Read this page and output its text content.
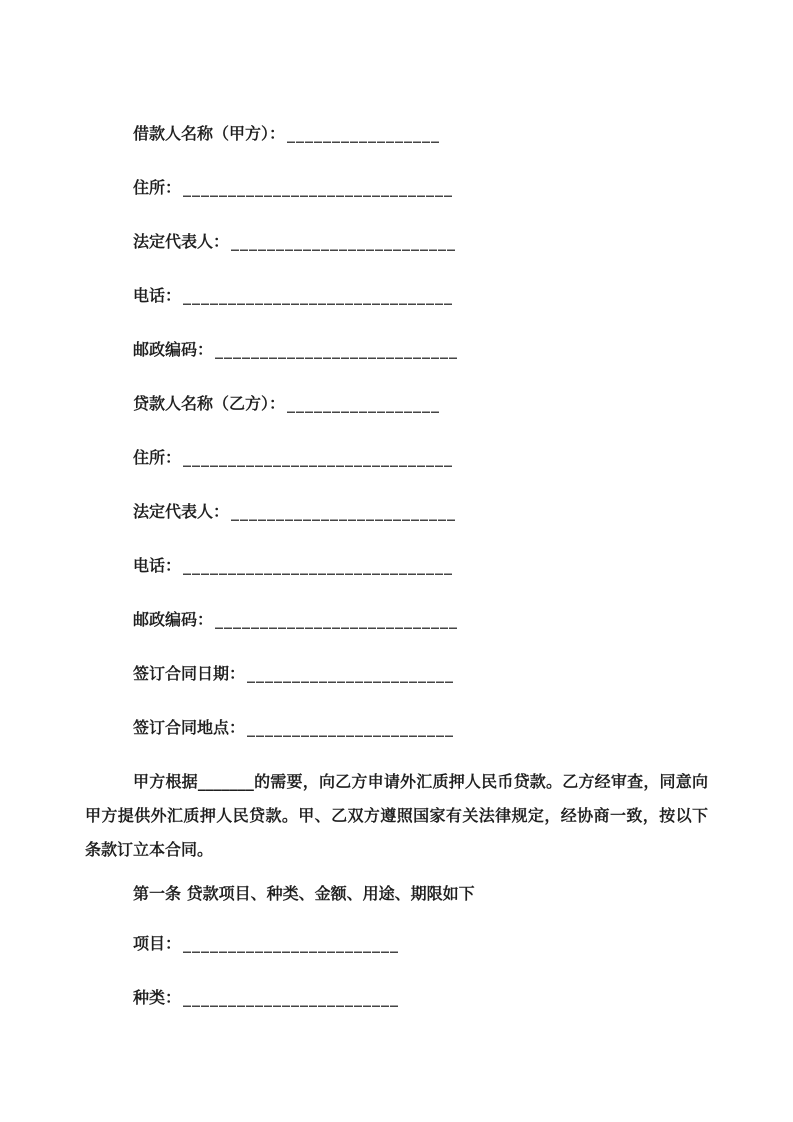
借款人名称（甲方）： _________________

住所： ______________________________

法定代表人： _________________________

电话： ______________________________

邮政编码： ___________________________

贷款人名称（乙方）： _________________

住所： ______________________________

法定代表人： _________________________

电话： ______________________________

邮政编码： ___________________________

签订合同日期： _______________________

签订合同地点： _______________________

甲方根据_______的需要，向乙方申请外汇质押人民币贷款。乙方经审查，同意向甲方提供外汇质押人民贷款。甲、乙双方遵照国家有关法律规定，经协商一致，按以下条款订立本合同。

第一条 贷款项目、种类、金额、用途、期限如下

项目： ________________________

种类： ________________________
